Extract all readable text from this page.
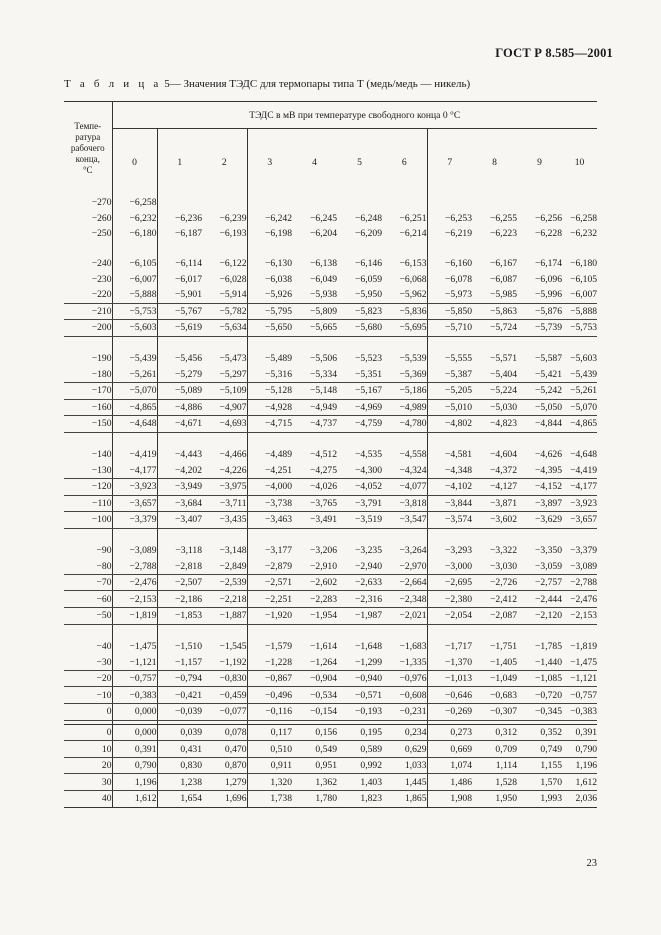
ГОСТ Р 8.585—2001
Т а б л и ц а 5— Значения ТЭДС для термопары типа Т (медь/медь — никель)
Темпе-
ратура
рабочего
конца,
°С	ТЭДС в мВ при температуре свободного конца 0 °С										
	0	1	2	3	4	5	6	7	8	9	10
−270	−6,258										
−260	−6,232	−6,236	−6,239	−6,242	−6,245	−6,248	−6,251	−6,253	−6,255	−6,256	−6,258
−250	−6,180	−6,187	−6,193	−6,198	−6,204	−6,209	−6,214	−6,219	−6,223	−6,228	−6,232

−240	−6,105	−6,114	−6,122	−6,130	−6,138	−6,146	−6,153	−6,160	−6,167	−6,174	−6,180
−230	−6,007	−6,017	−6,028	−6,038	−6,049	−6,059	−6,068	−6,078	−6,087	−6,096	−6,105
−220	−5,888	−5,901	−5,914	−5,926	−5,938	−5,950	−5,962	−5,973	−5,985	−5,996	−6,007
−210	−5,753	−5,767	−5,782	−5,795	−5,809	−5,823	−5,836	−5,850	−5,863	−5,876	−5,888
−200	−5,603	−5,619	−5,634	−5,650	−5,665	−5,680	−5,695	−5,710	−5,724	−5,739	−5,753

−190	−5,439	−5,456	−5,473	−5,489	−5,506	−5,523	−5,539	−5,555	−5,571	−5,587	−5,603
−180	−5,261	−5,279	−5,297	−5,316	−5,334	−5,351	−5,369	−5,387	−5,404	−5,421	−5,439
−170	−5,070	−5,089	−5,109	−5,128	−5,148	−5,167	−5,186	−5,205	−5,224	−5,242	−5,261
−160	−4,865	−4,886	−4,907	−4,928	−4,949	−4,969	−4,989	−5,010	−5,030	−5,050	−5,070
−150	−4,648	−4,671	−4,693	−4,715	−4,737	−4,759	−4,780	−4,802	−4,823	−4,844	−4,865

−140	−4,419	−4,443	−4,466	−4,489	−4,512	−4,535	−4,558	−4,581	−4,604	−4,626	−4,648
−130	−4,177	−4,202	−4,226	−4,251	−4,275	−4,300	−4,324	−4,348	−4,372	−4,395	−4,419
−120	−3,923	−3,949	−3,975	−4,000	−4,026	−4,052	−4,077	−4,102	−4,127	−4,152	−4,177
−110	−3,657	−3,684	−3,711	−3,738	−3,765	−3,791	−3,818	−3,844	−3,871	−3,897	−3,923
−100	−3,379	−3,407	−3,435	−3,463	−3,491	−3,519	−3,547	−3,574	−3,602	−3,629	−3,657

−90	−3,089	−3,118	−3,148	−3,177	−3,206	−3,235	−3,264	−3,293	−3,322	−3,350	−3,379
−80	−2,788	−2,818	−2,849	−2,879	−2,910	−2,940	−2,970	−3,000	−3,030	−3,059	−3,089
−70	−2,476	−2,507	−2,539	−2,571	−2,602	−2,633	−2,664	−2,695	−2,726	−2,757	−2,788
−60	−2,153	−2,186	−2,218	−2,251	−2,283	−2,316	−2,348	−2,380	−2,412	−2,444	−2,476
−50	−1,819	−1,853	−1,887	−1,920	−1,954	−1,987	−2,021	−2,054	−2,087	−2,120	−2,153

−40	−1,475	−1,510	−1,545	−1,579	−1,614	−1,648	−1,683	−1,717	−1,751	−1,785	−1,819
−30	−1,121	−1,157	−1,192	−1,228	−1,264	−1,299	−1,335	−1,370	−1,405	−1,440	−1,475
−20	−0,757	−0,794	−0,830	−0,867	−0,904	−0,940	−0,976	−1,013	−1,049	−1,085	−1,121
−10	−0,383	−0,421	−0,459	−0,496	−0,534	−0,571	−0,608	−0,646	−0,683	−0,720	−0,757
0	0,000	−0,039	−0,077	−0,116	−0,154	−0,193	−0,231	−0,269	−0,307	−0,345	−0,383

0	0,000	0,039	0,078	0,117	0,156	0,195	0,234	0,273	0,312	0,352	0,391
10	0,391	0,431	0,470	0,510	0,549	0,589	0,629	0,669	0,709	0,749	0,790
20	0,790	0,830	0,870	0,911	0,951	0,992	1,033	1,074	1,114	1,155	1,196
30	1,196	1,238	1,279	1,320	1,362	1,403	1,445	1,486	1,528	1,570	1,612
40	1,612	1,654	1,696	1,738	1,780	1,823	1,865	1,908	1,950	1,993	2,036
23
